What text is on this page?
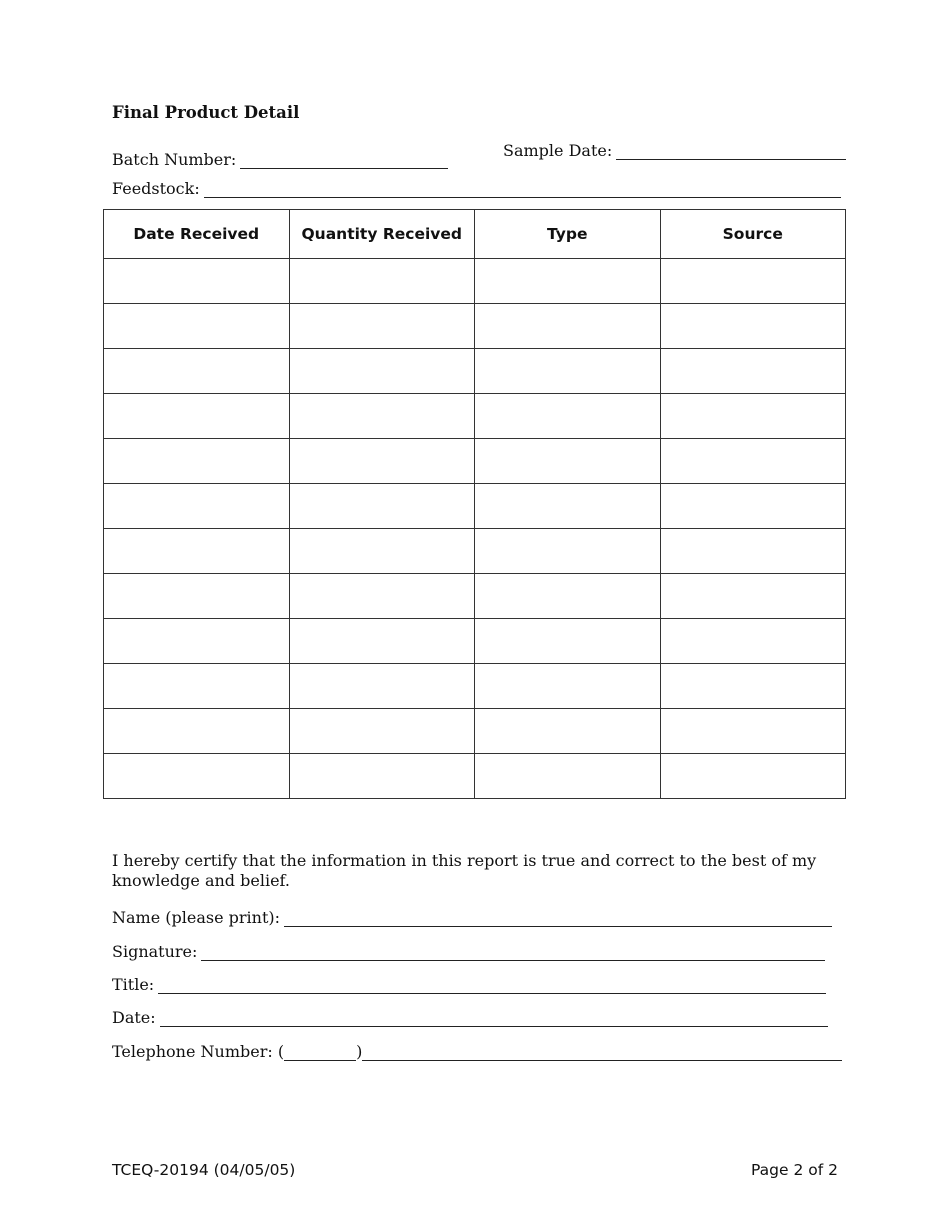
Final Product Detail
Batch Number:	Sample Date:
Feedstock:
Date Received	Quantity Received	Type	Source

I hereby certify that the information in this report is true and correct to the best of my knowledge and belief.
Name (please print):
Signature:
Title:
Date:
Telephone Number: (	)
TCEQ-20194 (04/05/05)	Page 2 of 2
